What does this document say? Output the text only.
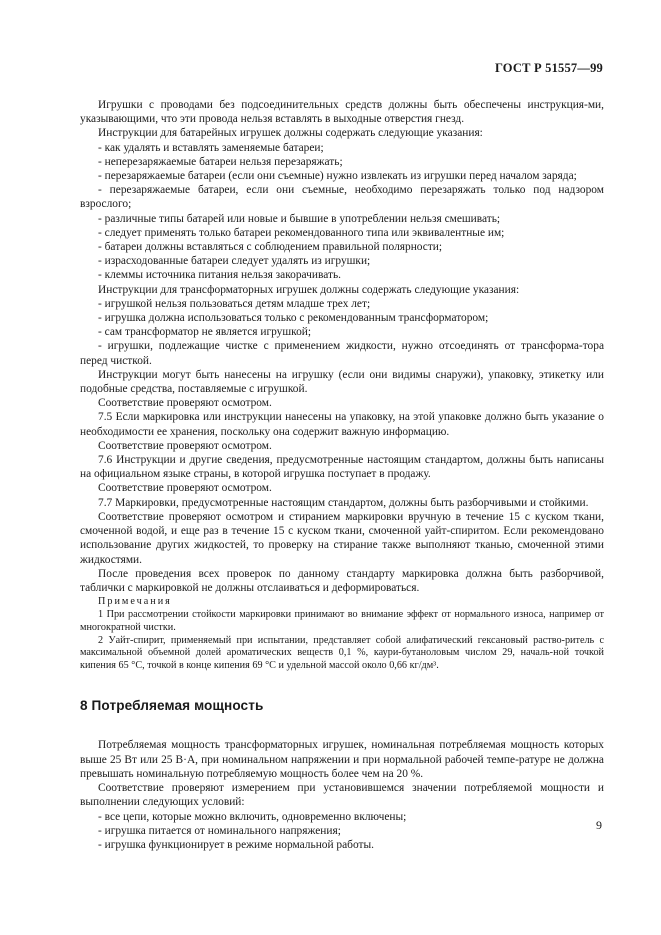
ГОСТ Р 51557—99

Игрушки с проводами без подсоединительных средств должны быть обеспечены инструкция-ми, указывающими, что эти провода нельзя вставлять в выходные отверстия гнезд.

Инструкции для батарейных игрушек должны содержать следующие указания:

- как удалять и вставлять заменяемые батареи;

- неперезаряжаемые батареи нельзя перезаряжать;

- перезаряжаемые батареи (если они съемные) нужно извлекать из игрушки перед началом заряда;

- перезаряжаемые батареи, если они съемные, необходимо перезаряжать только под надзором взрослого;

- различные типы батарей или новые и бывшие в употреблении нельзя смешивать;

- следует применять только батареи рекомендованного типа или эквивалентные им;

- батареи должны вставляться с соблюдением правильной полярности;

- израсходованные батареи следует удалять из игрушки;

- клеммы источника питания нельзя закорачивать.

Инструкции для трансформаторных игрушек должны содержать следующие указания:

- игрушкой нельзя пользоваться детям младше трех лет;

- игрушка должна использоваться только с рекомендованным трансформатором;

- сам трансформатор не является игрушкой;

- игрушки, подлежащие чистке с применением жидкости, нужно отсоединять от трансформа-тора перед чисткой.

Инструкции могут быть нанесены на игрушку (если они видимы снаружи), упаковку, этикетку или подобные средства, поставляемые с игрушкой.

Соответствие проверяют осмотром.

7.5 Если маркировка или инструкции нанесены на упаковку, на этой упаковке должно быть указание о необходимости ее хранения, поскольку она содержит важную информацию.

Соответствие проверяют осмотром.

7.6 Инструкции и другие сведения, предусмотренные настоящим стандартом, должны быть написаны на официальном языке страны, в которой игрушка поступает в продажу.

Соответствие проверяют осмотром.

7.7 Маркировки, предусмотренные настоящим стандартом, должны быть разборчивыми и стойкими.

Соответствие проверяют осмотром и стиранием маркировки вручную в течение 15 с куском ткани, смоченной водой, и еще раз в течение 15 с куском ткани, смоченной уайт-спиритом. Если рекомендовано использование других жидкостей, то проверку на стирание также выполняют тканью, смоченной этими жидкостями.

После проведения всех проверок по данному стандарту маркировка должна быть разборчивой, таблички с маркировкой не должны отслаиваться и деформироваться.

Примечания

1 При рассмотрении стойкости маркировки принимают во внимание эффект от нормального износа, например от многократной чистки.

2 Уайт-спирит, применяемый при испытании, представляет собой алифатический гексановый раство-ритель с максимальной объемной долей ароматических веществ 0,1 %, каури-бутаноловым числом 29, началь-ной точкой кипения 65 °С, точкой в конце кипения 69 °С и удельной массой около 0,66 кг/дм³.

8 Потребляемая мощность

Потребляемая мощность трансформаторных игрушек, номинальная потребляемая мощность которых выше 25 Вт или 25 В·А, при номинальном напряжении и при нормальной рабочей темпе-ратуре не должна превышать номинальную потребляемую мощность более чем на 20 %.

Соответствие проверяют измерением при установившемся значении потребляемой мощности и выполнении следующих условий:

- все цепи, которые можно включить, одновременно включены;

- игрушка питается от номинального напряжения;

- игрушка функционирует в режиме нормальной работы.

9
